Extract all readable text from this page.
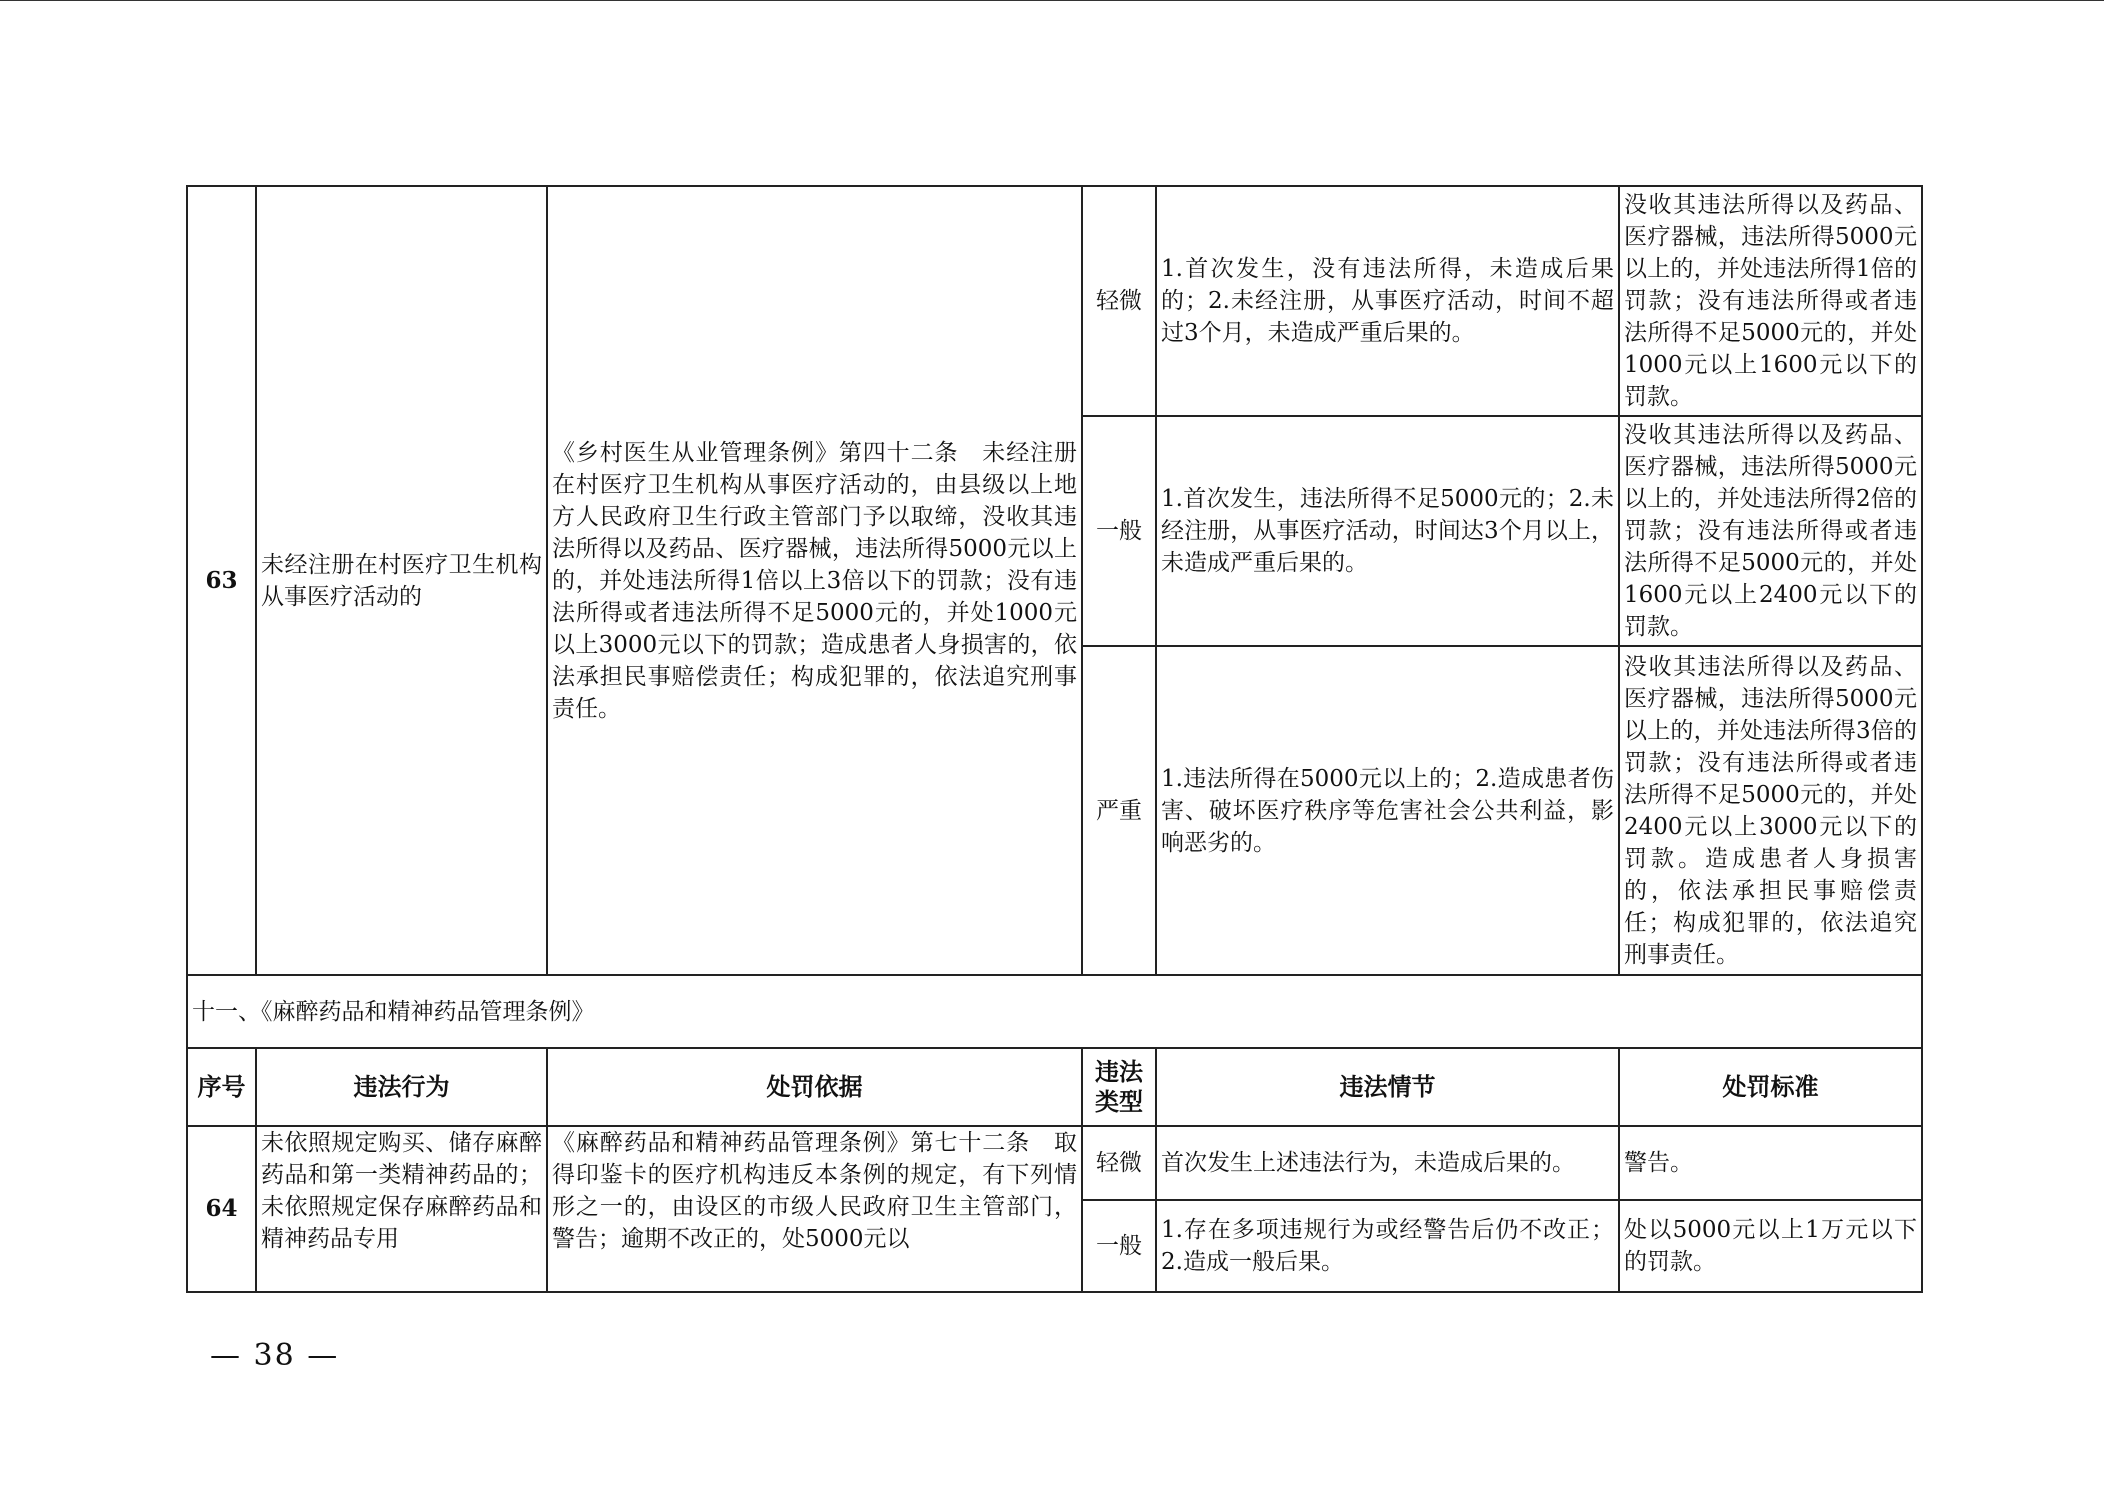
63	未经注册在村医疗卫生机构从事医疗活动的	《乡村医生从业管理条例》第四十二条　未经注册在村医疗卫生机构从事医疗活动的，由县级以上地方人民政府卫生行政主管部门予以取缔，没收其违法所得以及药品、医疗器械，违法所得5000元以上的，并处违法所得1倍以上3倍以下的罚款；没有违法所得或者违法所得不足5000元的，并处1000元以上3000元以下的罚款；造成患者人身损害的，依法承担民事赔偿责任；构成犯罪的，依法追究刑事责任。	轻微	1.首次发生，没有违法所得，未造成后果的；2.未经注册，从事医疗活动，时间不超过3个月，未造成严重后果的。	没收其违法所得以及药品、医疗器械，违法所得5000元以上的，并处违法所得1倍的罚款；没有违法所得或者违法所得不足5000元的，并处1000元以上1600元以下的罚款。
			一般	1.首次发生，违法所得不足5000元的；2.未经注册，从事医疗活动，时间达3个月以上，未造成严重后果的。	没收其违法所得以及药品、医疗器械，违法所得5000元以上的，并处违法所得2倍的罚款；没有违法所得或者违法所得不足5000元的，并处1600元以上2400元以下的罚款。
			严重	1.违法所得在5000元以上的；2.造成患者伤害、破坏医疗秩序等危害社会公共利益，影响恶劣的。	没收其违法所得以及药品、医疗器械，违法所得5000元以上的，并处违法所得3倍的罚款；没有违法所得或者违法所得不足5000元的，并处2400元以上3000元以下的罚款。造成患者人身损害的，依法承担民事赔偿责任；构成犯罪的，依法追究刑事责任。
十一、《麻醉药品和精神药品管理条例》					
序号	违法行为	处罚依据	违法类型	违法情节	处罚标准
64	未依照规定购买、储存麻醉药品和第一类精神药品的；未依照规定保存麻醉药品和精神药品专用	《麻醉药品和精神药品管理条例》第七十二条　取得印鉴卡的医疗机构违反本条例的规定，有下列情形之一的，由设区的市级人民政府卫生主管部门，警告；逾期不改正的，处5000元以	轻微	首次发生上述违法行为，未造成后果的。	警告。
			一般	1.存在多项违规行为或经警告后仍不改正；2.造成一般后果。	处以5000元以上1万元以下的罚款。
— 38 —
